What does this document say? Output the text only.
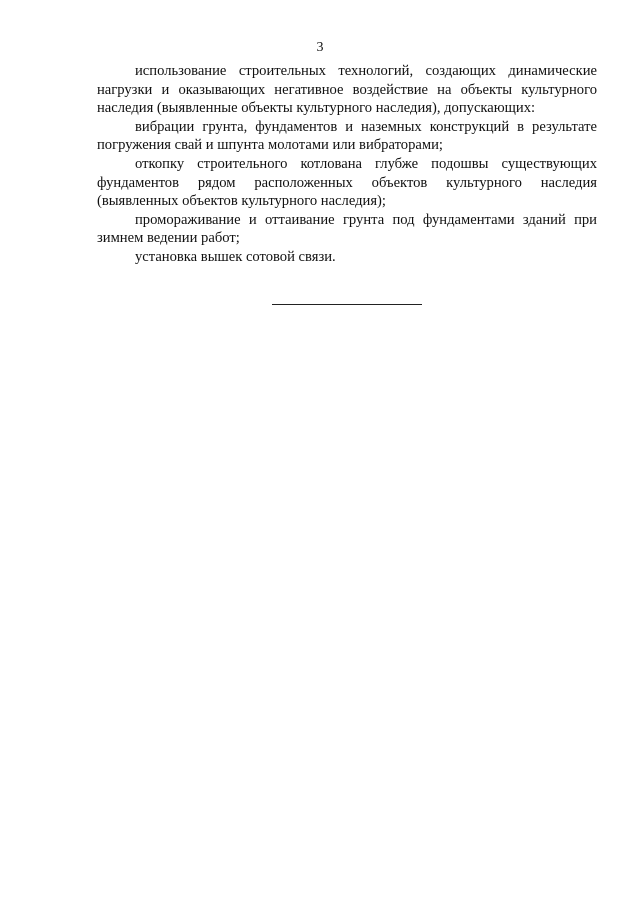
3

использование строительных технологий, создающих динамические нагрузки и оказывающих негативное воздействие на объекты культурного наследия (выявленные объекты культурного наследия), допускающих:

вибрации грунта, фундаментов и наземных конструкций в результате погружения свай и шпунта молотами или вибраторами;

откопку строительного котлована глубже подошвы существующих фундаментов рядом расположенных объектов культурного наследия (выявленных объектов культурного наследия);

промораживание и оттаивание грунта под фундаментами зданий при зимнем ведении работ;

установка вышек сотовой связи.
